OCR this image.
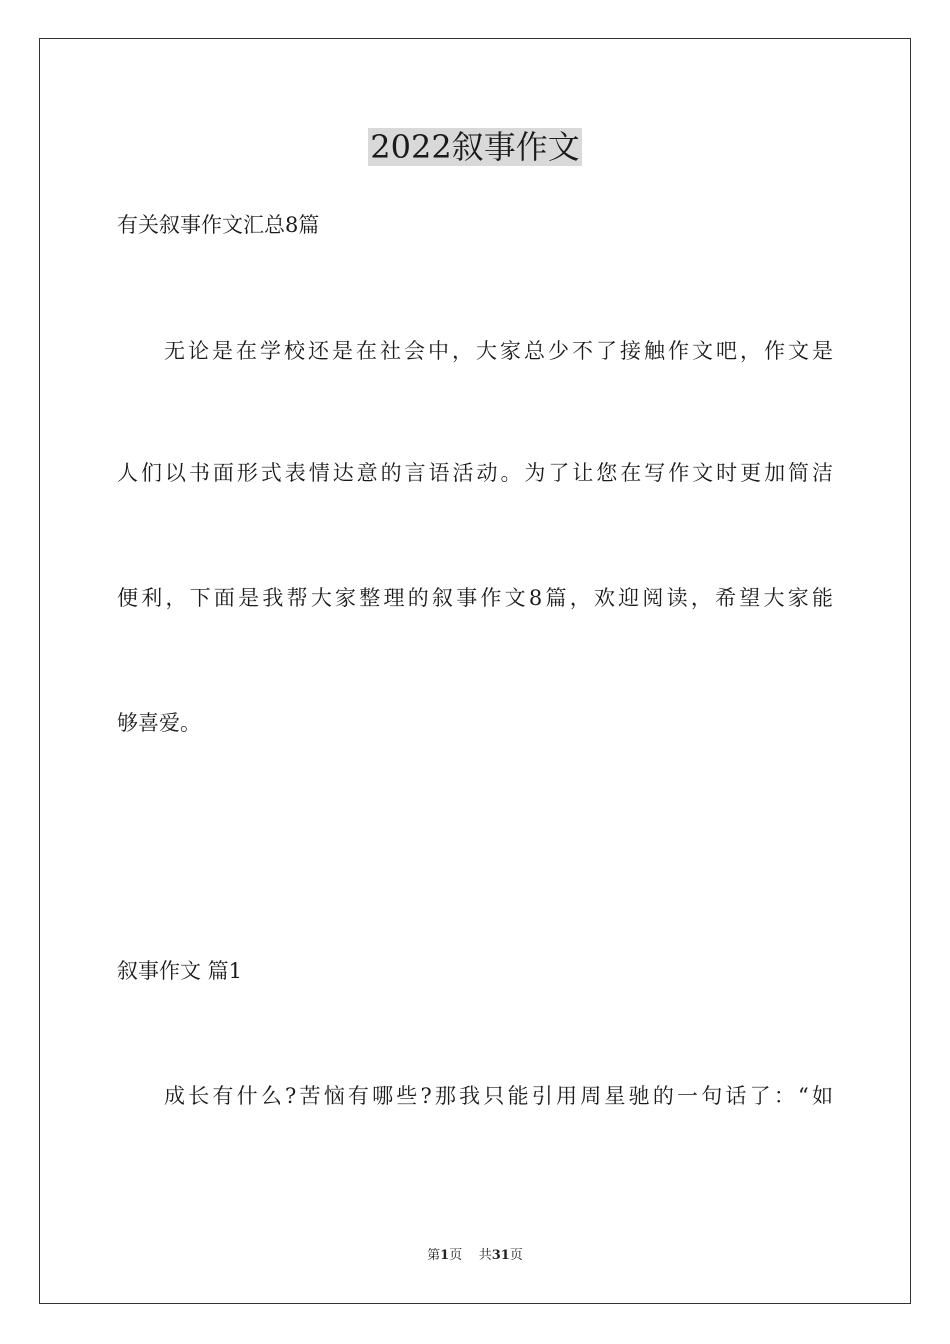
2022叙事作文

有关叙事作文汇总8篇

无论是在学校还是在社会中，大家总少不了接触作文吧，作文是

人们以书面形式表情达意的言语活动。为了让您在写作文时更加简洁

便利，下面是我帮大家整理的叙事作文8篇，欢迎阅读，希望大家能

够喜爱。

叙事作文 篇1

成长有什么?苦恼有哪些?那我只能引用周星驰的一句话了：“如

第1页 共31页
